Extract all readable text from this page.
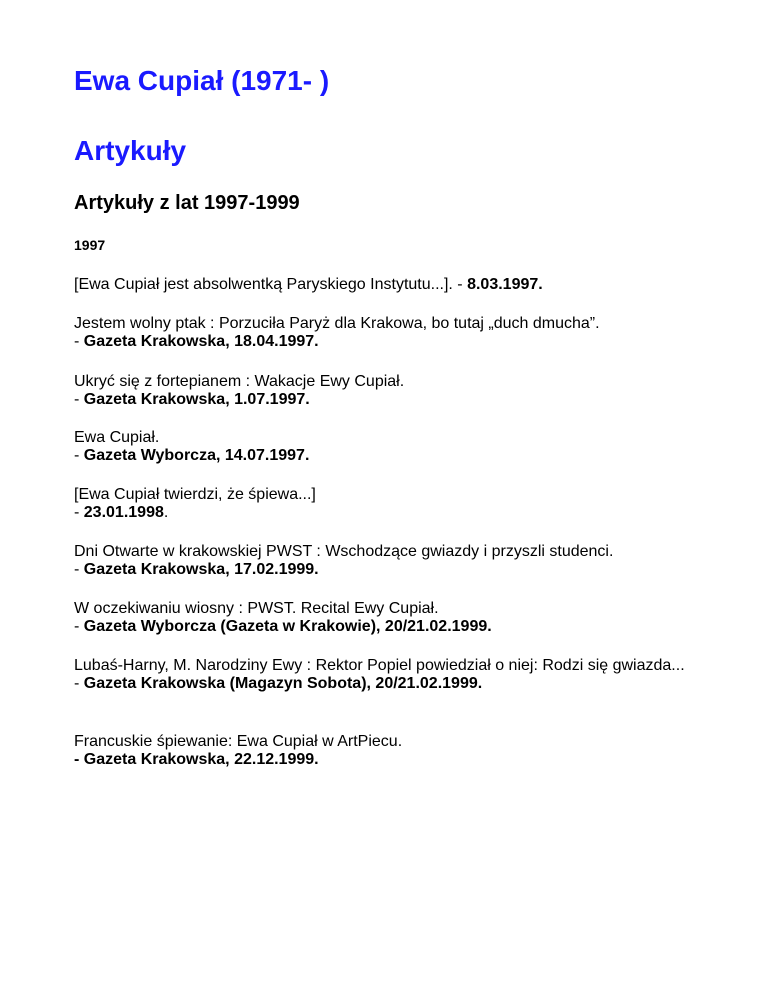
Ewa Cupiał (1971- )
Artykuły
Artykuły z lat 1997-1999
1997
[Ewa Cupiał jest absolwentką Paryskiego Instytutu...]. - 8.03.1997.
Jestem wolny ptak : Porzuciła Paryż dla Krakowa, bo tutaj „duch dmucha”.
- Gazeta Krakowska, 18.04.1997.
Ukryć się z fortepianem : Wakacje Ewy Cupiał.
- Gazeta Krakowska, 1.07.1997.
Ewa Cupiał.
- Gazeta Wyborcza, 14.07.1997.
[Ewa Cupiał twierdzi, że śpiewa...]
- 23.01.1998.
Dni Otwarte w krakowskiej PWST : Wschodzące gwiazdy i przyszli studenci.
- Gazeta Krakowska, 17.02.1999.
W oczekiwaniu wiosny : PWST. Recital Ewy Cupiał.
- Gazeta Wyborcza (Gazeta w Krakowie), 20/21.02.1999.
Lubaś-Harny, M. Narodziny Ewy : Rektor Popiel powiedział o niej: Rodzi się gwiazda...
- Gazeta Krakowska (Magazyn Sobota), 20/21.02.1999.
Francuskie śpiewanie: Ewa Cupiał w ArtPiecu.
- Gazeta Krakowska, 22.12.1999.
